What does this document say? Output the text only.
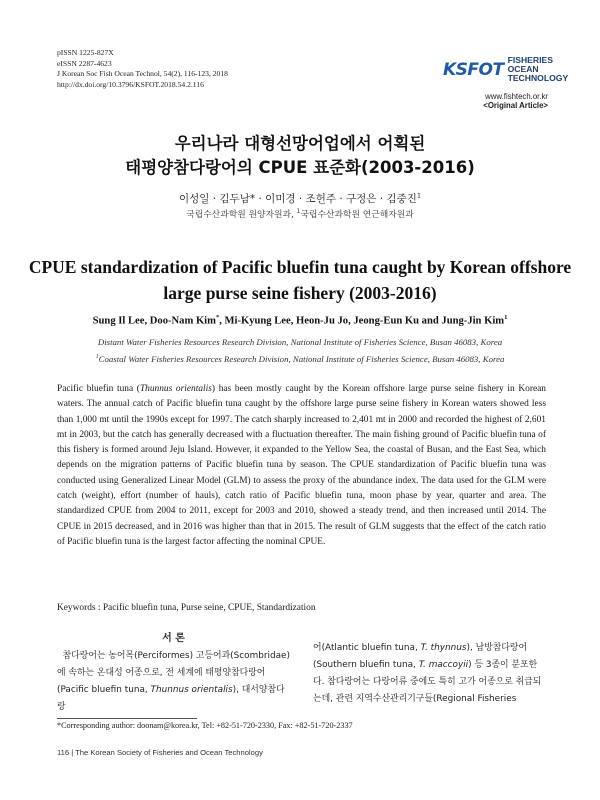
pISSN 1225-827X
eISSN 2287-4623
J Korean Soc Fish Ocean Technol, 54(2), 116-123, 2018
http://dx.doi.org/10.3796/KSFOT.2018.54.2.116
KSFOT FISHERIES OCEAN
TECHNOLOGY
www.fishtech.or.kr
<Original Article>
우리나라 대형선망어업에서 어획된
태평양참다랑어의 CPUE 표준화(2003-2016)
이성일 · 김두남* · 이미경 · 조헌주 · 구정은 · 김중진$^1$
국립수산과학원 원양자원과, $^1$국립수산과학원 연근해자원과
CPUE standardization of Pacific bluefin tuna caught by Korean offshore
large purse seine fishery (2003-2016)
Sung Il Lee, Doo-Nam Kim*, Mi-Kyung Lee, Heon-Ju Jo, Jeong-Eun Ku and Jung-Jin Kim$^1$
Distant Water Fisheries Resources Research Division, National Institute of Fisheries Science, Busan 46083, Korea
$^1$Coastal Water Fisheries Resources Research Division, National Institute of Fisheries Science, Busan 46083, Korea
Pacific bluefin tuna (Thunnus orientalis) has been mostly caught by the Korean offshore large purse seine fishery in Korean waters. The annual catch of Pacific bluefin tuna caught by the offshore large purse seine fishery in Korean waters showed less than 1,000 mt until the 1990s except for 1997. The catch sharply increased to 2,401 mt in 2000 and recorded the highest of 2,601 mt in 2003, but the catch has generally decreased with a fluctuation thereafter. The main fishing ground of Pacific bluefin tuna of this fishery is formed around Jeju Island. However, it expanded to the Yellow Sea, the coastal of Busan, and the East Sea, which depends on the migration patterns of Pacific bluefin tuna by season. The CPUE standardization of Pacific bluefin tuna was conducted using Generalized Linear Model (GLM) to assess the proxy of the abundance index. The data used for the GLM were catch (weight), effort (number of hauls), catch ratio of Pacific bluefin tuna, moon phase by year, quarter and area. The standardized CPUE from 2004 to 2011, except for 2003 and 2010, showed a steady trend, and then increased until 2014. The CPUE in 2015 decreased, and in 2016 was higher than that in 2015. The result of GLM suggests that the effect of the catch ratio of Pacific bluefin tuna is the largest factor affecting the nominal CPUE.
Keywords : Pacific bluefin tuna, Purse seine, CPUE, Standardization
서 론
참다랑어는 농어목(Perciformes) 고등어과(Scombridae)에 속하는 온대성 어종으로, 전 세계에 태평양참다랑어(Pacific bluefin tuna, Thunnus orientalis), 대서양참다랑
어(Atlantic bluefin tuna, T. thynnus), 남방참다랑어(Southern bluefin tuna, T. maccoyii) 등 3종이 분포한다. 참다랑어는 다랑어류 중에도 특히 고가 어종으로 취급되는데, 관련 지역수산관리기구들(Regional Fisheries
*Corresponding author: doonam@korea.kr, Tel: +82-51-720-2330, Fax: +82-51-720-2337
116 | The Korean Society of Fisheries and Ocean Technology
